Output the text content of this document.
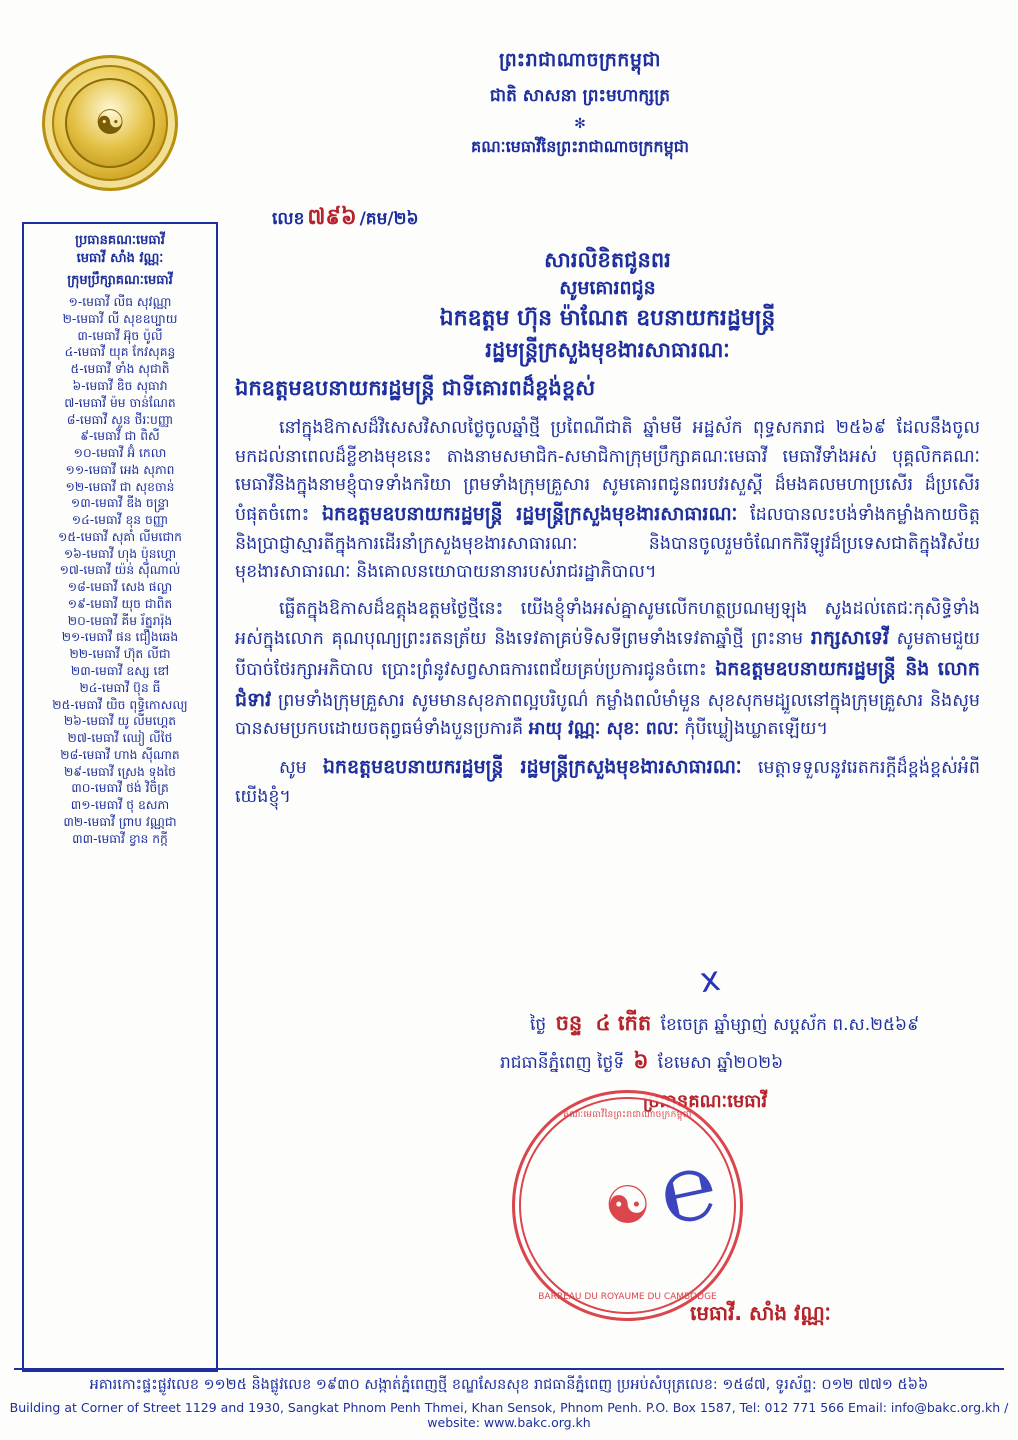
☯
ព្រះរាជាណាចក្រកម្ពុជា
ជាតិ សាសនា ព្រះមហាក្សត្រ
✻
គណៈមេធាវីនៃព្រះរាជាណាចក្រកម្ពុជា
លេខ ៧៩៦ /គម/២៦
ប្រធានគណៈមេធាវី
មេធាវី សាំង វណ្ណៈ
ក្រុមប្រឹក្សាគណៈមេធាវី
១-មេធាវី លីធ សុវណ្ណា
២-មេធាវី លី សុខឧប្បាយ
៣-មេធាវី អ៊ុច ប៉ូលី
៤-មេធាវី យុគ កែវសុគន្ធ
៥-មេធាវី ទាំង សុជាតិ
៦-មេធាវី ឌិច សុធាវា
៧-មេធាវី ម៉ម ចាន់ណែត
៨-មេធាវី សួន ថីរៈបញ្ញា
៩-មេធាវី ជា ពិសី
១០-មេធាវី អ៊ំ កេលា
១១-មេធាវី អេង សុភាព
១២-មេធាវី ជា សុខចាន់
១៣-មេធាវី ឌីង ចន្ទ្រា
១៤-មេធាវី ខុន ចញ្ញា
១៥-មេធាវី សុគាំ លីមជោក
១៦-មេធាវី ហុង ប៉ុនហ្គោ
១៧-មេធាវី យ៉ន់ ស៊ីណាល់
១៨-មេធាវី សេង ផល្លា
១៩-មេធាវី យុច ជាពិត
២០-មេធាវី គីម រ័ត្នរារ៉ុង
២១-មេធាវី ផន ជឿងឆេង
២២-មេធាវី ហ៊ុត លីជា
២៣-មេធាវី ឧស្ស ឌៅ
២៤-មេធាវី ប៊ុន ធី
២៥-មេធាវី យិច ពុទ្ធិកោសល្យ
២៦-មេធាវី យូ លីមហ្គេត
២៧-មេធាវី ឈៀ លីថៃ
២៨-មេធាវី ហាង ស៊ីណាត
២៩-មេធាវី ស្រេង ទុងថៃ
៣០-មេធាវី ថង់ វិចិត្រ
៣១-មេធាវី ថុ ឧសភា
៣២-មេធាវី ព្រាប វណ្ណជា
៣៣-មេធាវី ខ្វាន កក្កី
សារលិខិតជូនពរ
សូមគោរពជូន
ឯកឧត្តម ហ៊ុន ម៉ាណែត ឧបនាយករដ្ឋមន្ត្រី
រដ្ឋមន្ត្រីក្រសួងមុខងារសាធារណៈ
ឯកឧត្តមឧបនាយករដ្ឋមន្ត្រី ជាទីគោរពដ៏ខ្ពង់ខ្ពស់

នៅក្នុងឱកាសដ៏វិសេសវិសាលថ្ងៃចូលឆ្នាំថ្មី ប្រពៃណីជាតិ ឆ្នាំមមី អដ្ឋស័ក ពុទ្ធសករាជ ២៥៦៩ ដែលនឹងចូលមកដល់នាពេលដ៏ខ្លីខាងមុខនេះ តាងនាមសមាជិក-សមាជិកាក្រុមប្រឹក្សាគណៈមេធាវី មេធាវីទាំងអស់ បុគ្គលិកគណៈមេធាវីនិងក្នុងនាមខ្ញុំបាទទាំងករិយា ព្រមទាំងក្រុមគ្រួសារ សូមគោរពជូនពរបវរសួស្តី ដ៏មងគលមហាប្រសើរ ដ៏ប្រសើរបំផុតចំពោះ ឯកឧត្តមឧបនាយករដ្ឋមន្ត្រី រដ្ឋមន្ត្រីក្រសួងមុខងារសាធារណៈ ដែលបានលះបង់ទាំងកម្លាំងកាយចិត្តនិងប្រាជ្ញាស្មារតីក្នុងការដើរនាំក្រសួងមុខងារសាធារណៈ និងបានចូលរួមចំណែកកិរីឡូវដ៏ប្រទេសជាតិក្នុងវិស័យមុខងារសាធារណៈ និងគោលនយោបាយនានារបស់រាជរដ្ឋាភិបាល។

ធ្លើតក្នុងឱកាសដ៏ឧត្តុងឧត្តមថ្ងៃថ្មីនេះ យើងខ្ញុំទាំងអស់គ្នាសូមលើកហត្ថប្រណម្យឡុង សូងដល់តេជៈកុសិទ្ធិទាំងអស់ក្នុងលោក គុណបុណ្យព្រះរតនត្រ័យ និងទេវតាគ្រប់ទិសទីព្រមទាំងទេវតាឆ្នាំថ្មី ព្រះនាម រាក្សសាទេវី សូមតាមជួយបីបាច់ថែរក្សាអភិបាល ប្រោះព្រំនូវសព្វសាធការពេជ័យគ្រប់ប្រការជូនចំពោះ ឯកឧត្តមឧបនាយករដ្ឋមន្ត្រី និង លោកជំទាវ ព្រមទាំងក្រុមគ្រួសារ សូមមានសុខភាពល្អបរិបូណ៌ កម្លាំងពលំមាំមួន សុខសុកមដ្បួលនៅក្នុងក្រុមគ្រួសារ និងសូមបានសមប្រកបដោយចតុព្វធម៌ទាំងបួនប្រការគឺ អាយុ វណ្ណៈ សុខៈ ពលៈ កុំបីឃ្លៀងឃ្លាតឡើយ។

សូម ឯកឧត្តមឧបនាយករដ្ឋមន្ត្រី រដ្ឋមន្ត្រីក្រសួងមុខងារសាធារណៈ មេត្តាទទួលនូវរេតករក្តីដ៏ខ្ពង់ខ្ពស់អំពីយើងខ្ញុំ។

ថ្ងៃ ចន្ទ ៤ កើត ខែចេត្រ ឆ្នាំម្សាញ់ សប្តស័ក ព.ស.២៥៦៩
រាជធានីភ្នំពេញ ថ្ងៃទី ៦ ខែមេសា ឆ្នាំ២០២៦
ប្រធានគណៈមេធាវី
x
គណៈមេធាវីនៃព្រះរាជាណាចក្រកម្ពុជា
☯
BARREAU DU ROYAUME DU CAMBODGE
℮
មេធាវី. សាំង វណ្ណៈ
អគារកោះផ្ទះផ្លូវលេខ ១១២៥ និងផ្លូវលេខ ១៩៣០ សង្កាត់ភ្នំពេញថ្មី ខណ្ឌសែនសុខ រាជធានីភ្នំពេញ ប្រអប់សំបុត្រលេខ: ១៥៨៧, ទូរស័ព្ទ: ០១២ ៧៧១ ៥៦៦
Building at Corner of Street 1129 and 1930, Sangkat Phnom Penh Thmei, Khan Sensok, Phnom Penh. P.O. Box 1587, Tel: 012 771 566 Email: info@bakc.org.kh / website: www.bakc.org.kh
